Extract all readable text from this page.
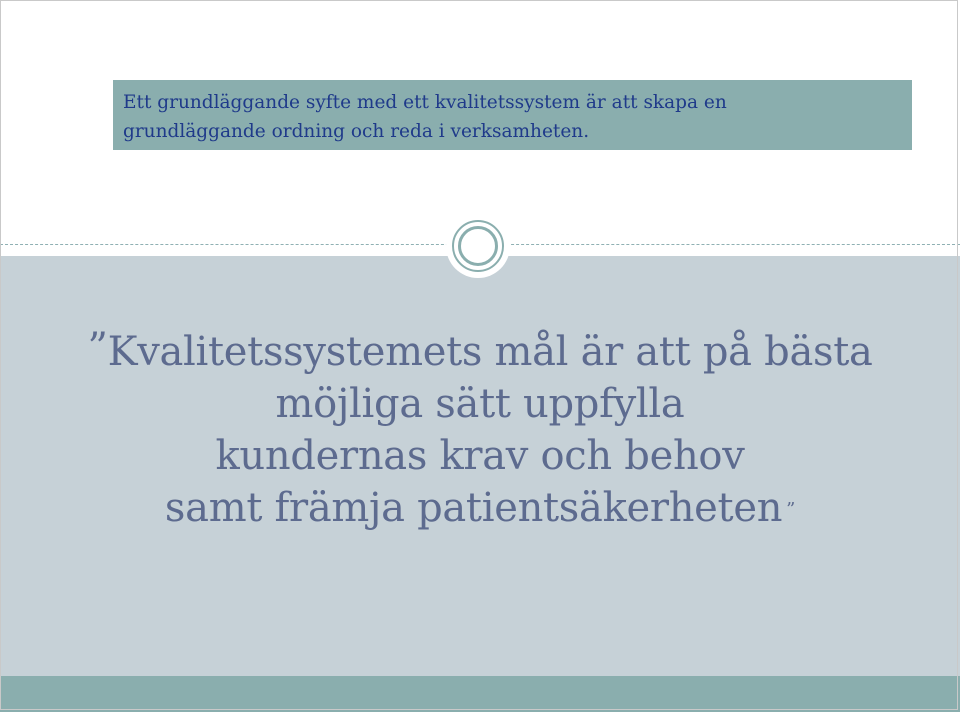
Ett grundläggande syfte med ett kvalitetssystem är att skapa en
grundläggande ordning och reda i verksamheten.
”Kvalitetssystemets mål är att på bästa
möjliga sätt uppfylla
kundernas krav och behov
samt främja patientsäkerheten ”
